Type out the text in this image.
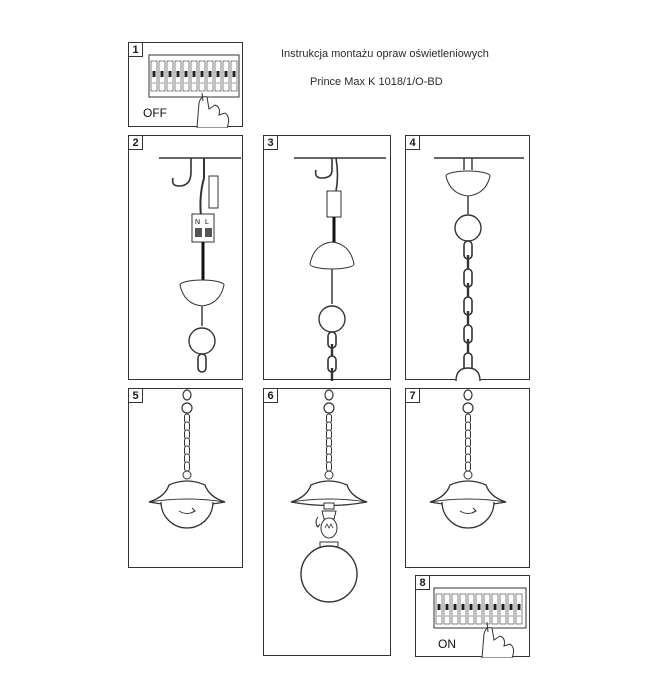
Instrukcja montażu opraw oświetleniowych
Prince Max K 1018/1/O-BD
1
OFF
2
N L
3	4
5	6	7
8
ON
